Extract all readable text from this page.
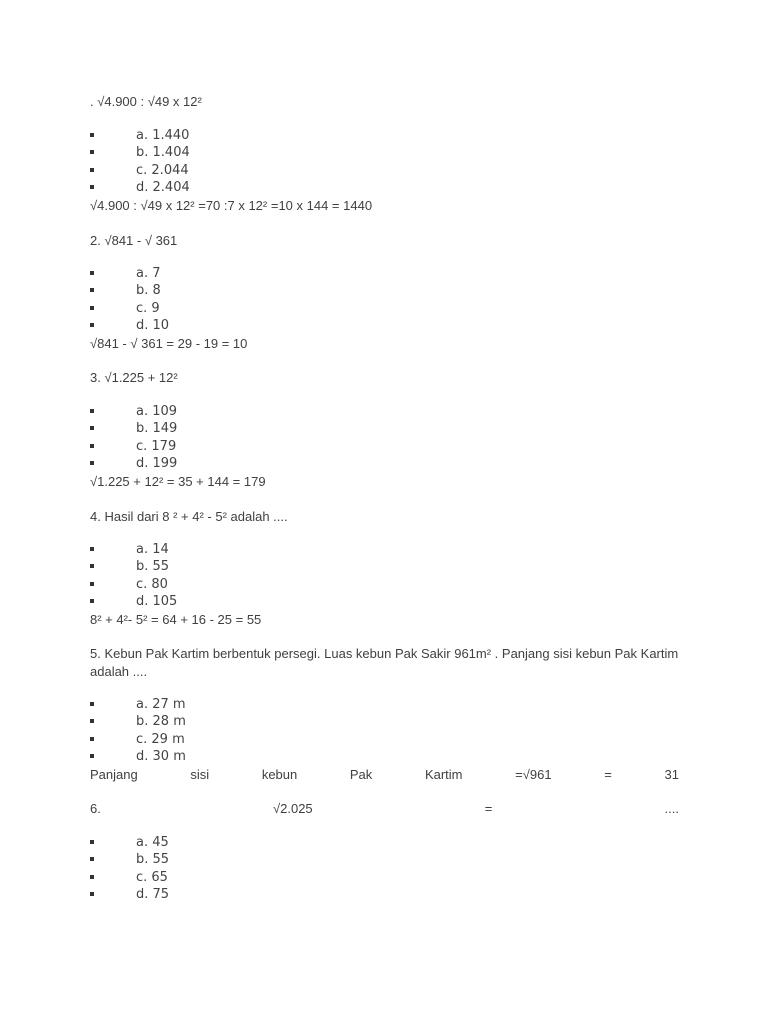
. √4.900 : √49 x 12²
a. 1.440
b. 1.404
c. 2.044
d. 2.404
√4.900 : √49 x 12² =70 :7 x 12² =10 x 144 = 1440
2. √841 - √ 361
a. 7
b. 8
c. 9
d. 10
√841 - √ 361 = 29 - 19 = 10
3. √1.225 + 12²
a. 109
b. 149
c. 179
d. 199
√1.225 + 12² = 35 + 144 = 179
4. Hasil dari 8 ² + 4² - 5² adalah ....
a. 14
b. 55
c. 80
d. 105
8² + 4²- 5² = 64 + 16 - 25 = 55
5. Kebun Pak Kartim berbentuk persegi. Luas kebun Pak Sakir 961m² . Panjang sisi kebun Pak Kartim adalah ....
a. 27 m
b. 28 m
c. 29 m
d. 30 m
Panjang	sisi	kebun	Pak	Kartim	=√961	=	31
6.	√2.025	=	....
a. 45
b. 55
c. 65
d. 75
